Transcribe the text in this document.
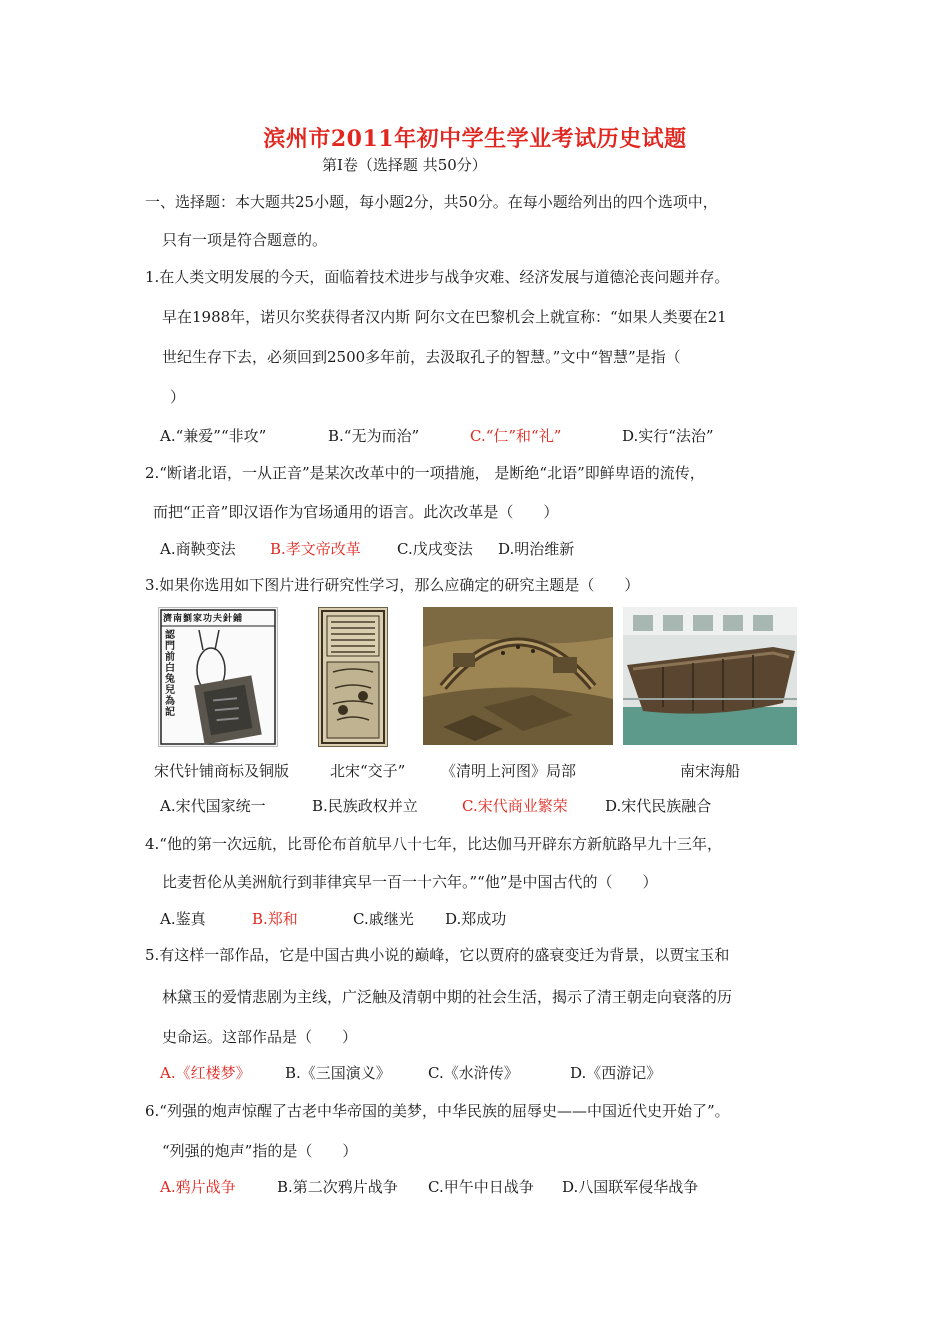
滨州市2011年初中学生学业考试历史试题
第Ⅰ卷（选择题 共50分）
一、选择题：本大题共25小题，每小题2分，共50分。在每小题给列出的四个选项中，
只有一项是符合题意的。
1.在人类文明发展的今天，面临着技术进步与战争灾难、经济发展与道德沦丧问题并存。
早在1988年，诺贝尔奖获得者汉内斯 阿尔文在巴黎机会上就宣称：“如果人类要在21
世纪生存下去，必须回到2500多年前，去汲取孔子的智慧。”文中“智慧”是指（
）
A.“兼爱”“非攻”	B.“无为而治”	C.“仁”和“礼”	D.实行“法治”
2.“断诸北语，一从正音”是某次改革中的一项措施， 是断绝“北语”即鲜卑语的流传，
而把“正音”即汉语作为官场通用的语言。此次改革是（　　）
A.商鞅变法 B.孝文帝改革 C.戊戌变法 D.明治维新
3.如果你选用如下图片进行研究性学习，那么应确定的研究主题是（　　）
濟南劉家功夫針鋪
認門前白兔兒為記
宋代针铺商标及铜版	北宋“交子” 《清明上河图》局部	南宋海船
A.宋代国家统一	B.民族政权并立	C.宋代商业繁荣 D.宋代民族融合
4.“他的第一次远航，比哥伦布首航早八十七年，比达伽马开辟东方新航路早九十三年，
比麦哲伦从美洲航行到菲律宾早一百一十六年。”“他”是中国古代的（　　）
A.鉴真	B.郑和	C.戚继光 D.郑成功
5.有这样一部作品，它是中国古典小说的巅峰，它以贾府的盛衰变迁为背景，以贾宝玉和
林黛玉的爱情悲剧为主线，广泛触及清朝中期的社会生活，揭示了清王朝走向衰落的历
史命运。这部作品是（　　）
A.《红楼梦》 B.《三国演义》 C.《水浒传》	D.《西游记》
6.“列强的炮声惊醒了古老中华帝国的美梦，中华民族的屈辱史——中国近代史开始了”。
“列强的炮声”指的是（　　）
A.鸦片战争	B.第二次鸦片战争 C.甲午中日战争 D.八国联军侵华战争
